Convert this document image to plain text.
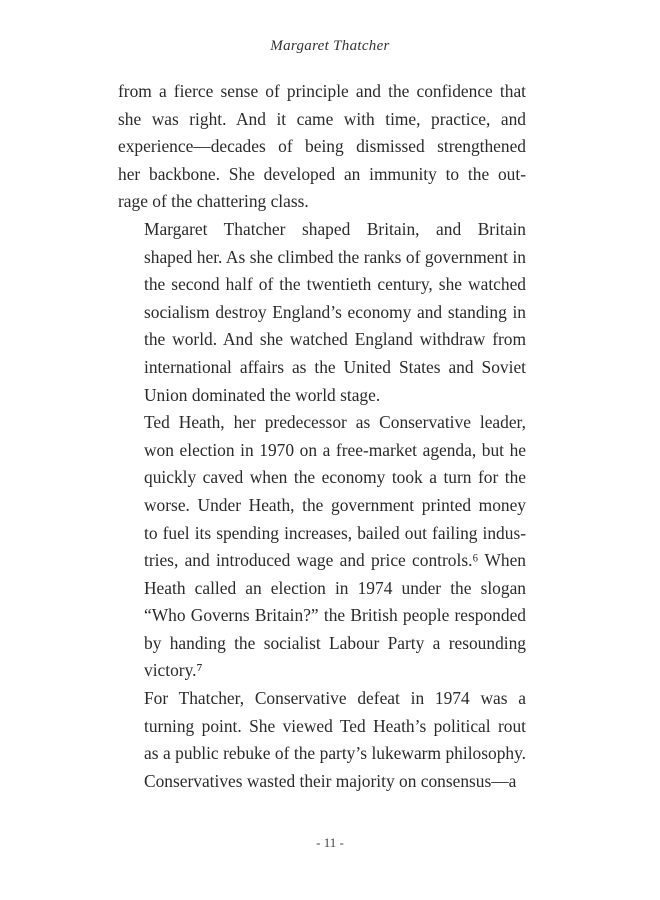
Margaret Thatcher

from a fierce sense of principle and the confidence that
she was right. And it came with time, practice, and
experience—decades of being dismissed strengthened
her backbone. She developed an immunity to the out-
rage of the chattering class.

Margaret Thatcher shaped Britain, and Britain
shaped her. As she climbed the ranks of government in
the second half of the twentieth century, she watched
socialism destroy England’s economy and standing in
the world. And she watched England withdraw from
international affairs as the United States and Soviet
Union dominated the world stage.

Ted Heath, her predecessor as Conservative leader,
won election in 1970 on a free-market agenda, but he
quickly caved when the economy took a turn for the
worse. Under Heath, the government printed money
to fuel its spending increases, bailed out failing indus-
tries, and introduced wage and price controls.⁶ When
Heath called an election in 1974 under the slogan
“Who Governs Britain?” the British people responded
by handing the socialist Labour Party a resounding
victory.⁷

For Thatcher, Conservative defeat in 1974 was a
turning point. She viewed Ted Heath’s political rout
as a public rebuke of the party’s lukewarm philosophy.
Conservatives wasted their majority on consensus—a

- 11 -
